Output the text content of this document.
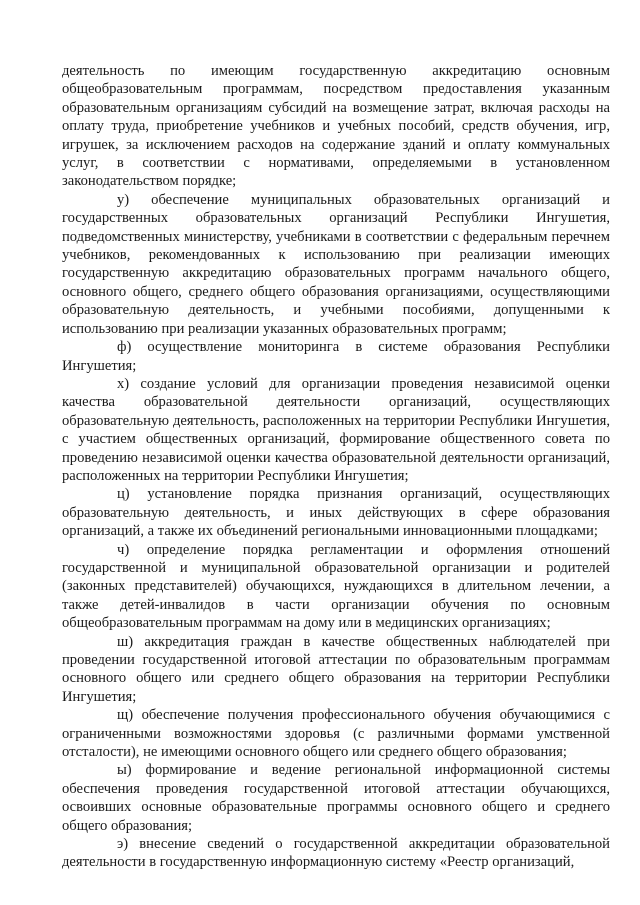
деятельность по имеющим государственную аккредитацию основным общеобразовательным программам, посредством предоставления указанным образовательным организациям субсидий на возмещение затрат, включая расходы на оплату труда, приобретение учебников и учебных пособий, средств обучения, игр, игрушек, за исключением расходов на содержание зданий и оплату коммунальных услуг, в соответствии с нормативами, определяемыми в установленном законодательством порядке;

у) обеспечение муниципальных образовательных организаций и государственных образовательных организаций Республики Ингушетия, подведомственных министерству, учебниками в соответствии с федеральным перечнем учебников, рекомендованных к использованию при реализации имеющих государственную аккредитацию образовательных программ начального общего, основного общего, среднего общего образования организациями, осуществляющими образовательную деятельность, и учебными пособиями, допущенными к использованию при реализации указанных образовательных программ;

ф) осуществление мониторинга в системе образования Республики Ингушетия;

х) создание условий для организации проведения независимой оценки качества образовательной деятельности организаций, осуществляющих образовательную деятельность, расположенных на территории Республики Ингушетия, с участием общественных организаций, формирование общественного совета по проведению независимой оценки качества образовательной деятельности организаций, расположенных на территории Республики Ингушетия;

ц) установление порядка признания организаций, осуществляющих образовательную деятельность, и иных действующих в сфере образования организаций, а также их объединений региональными инновационными площадками;

ч) определение порядка регламентации и оформления отношений государственной и муниципальной образовательной организации и родителей (законных представителей) обучающихся, нуждающихся в длительном лечении, а также детей-инвалидов в части организации обучения по основным общеобразовательным программам на дому или в медицинских организациях;

ш) аккредитация граждан в качестве общественных наблюдателей при проведении государственной итоговой аттестации по образовательным программам основного общего или среднего общего образования на территории Республики Ингушетия;

щ) обеспечение получения профессионального обучения обучающимися с ограниченными возможностями здоровья (с различными формами умственной отсталости), не имеющими основного общего или среднего общего образования;

ы) формирование и ведение региональной информационной системы обеспечения проведения государственной итоговой аттестации обучающихся, освоивших основные образовательные программы основного общего и среднего общего образования;

э) внесение сведений о государственной аккредитации образовательной деятельности в государственную информационную систему «Реестр организаций,
